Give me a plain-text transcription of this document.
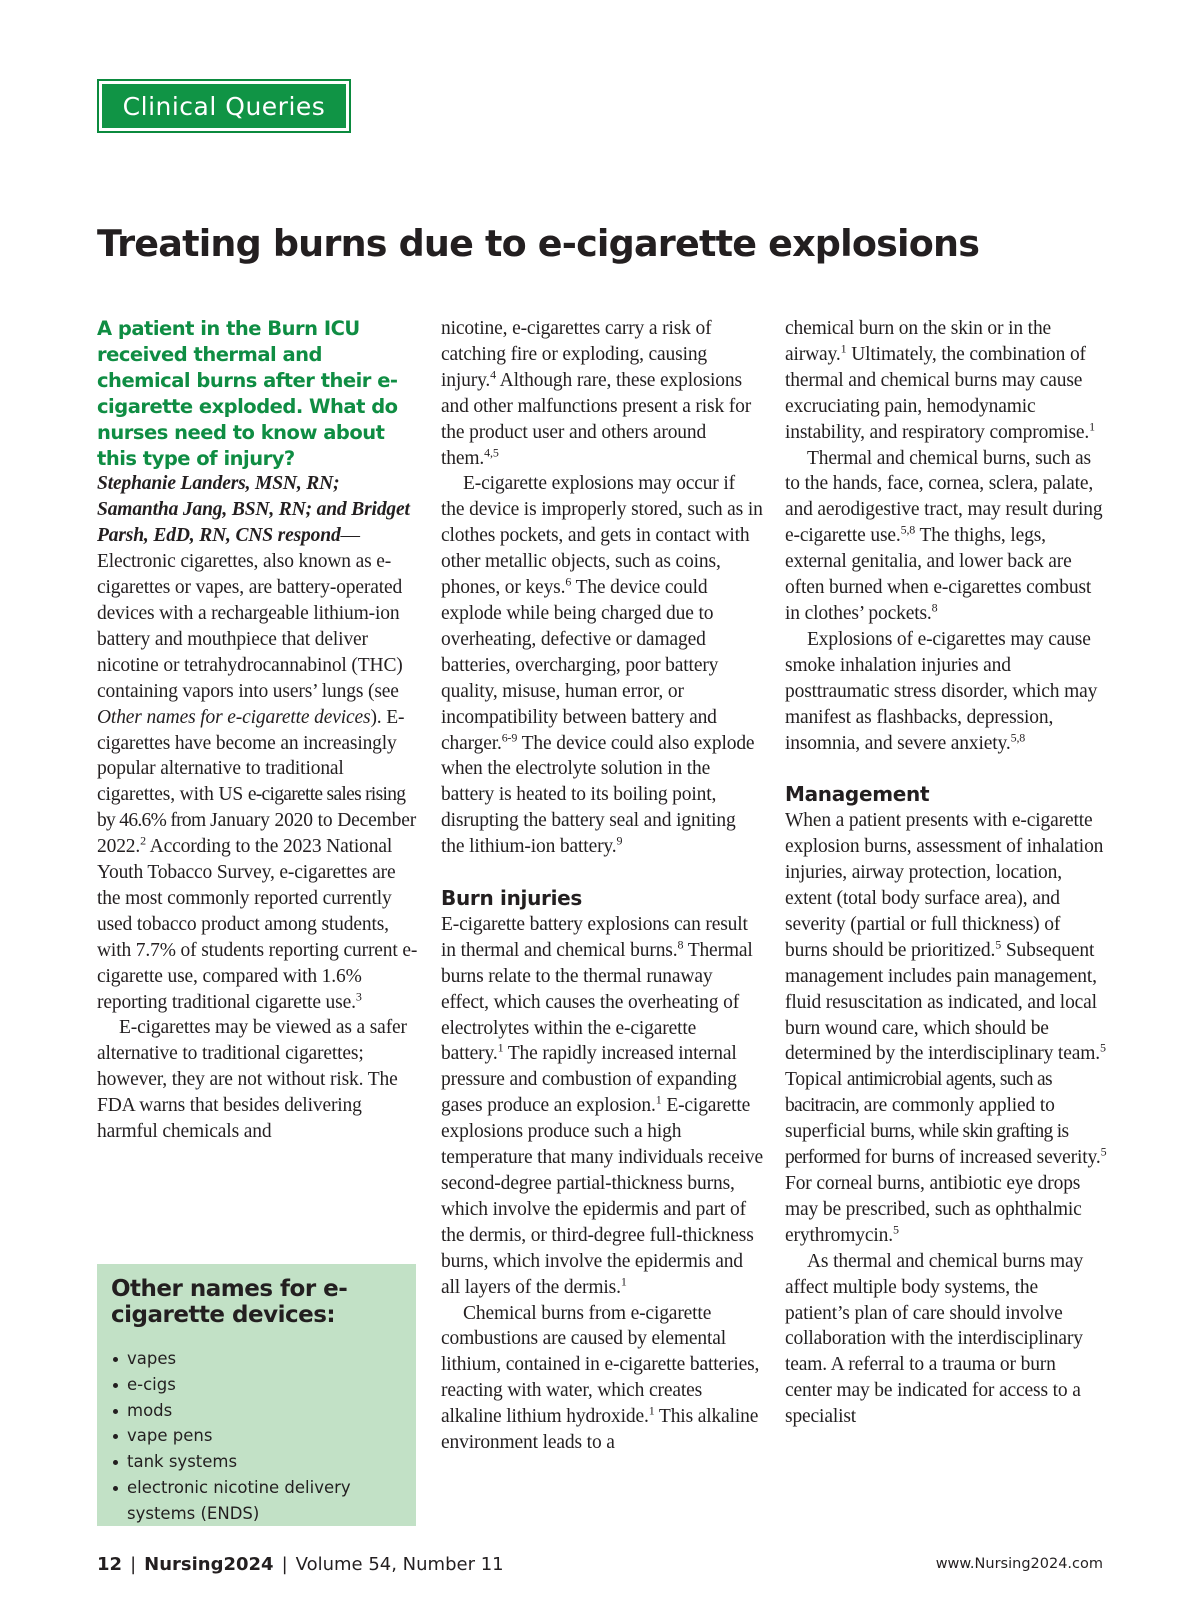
Clinical Queries
Treating burns due to e-cigarette explosions

A patient in the Burn ICU received thermal and chemical burns after their e-cigarette exploded. What do nurses need to know about this type of injury?

Stephanie Landers, MSN, RN; Samantha Jang, BSN, RN; and Bridget Parsh, EdD, RN, CNS respond—Electronic cigarettes, also known as e-cigarettes or vapes, are battery-operated devices with a rechargeable lithium-ion battery and mouthpiece that deliver nicotine or tetrahydrocannabinol (THC) containing vapors into users’ lungs (see Other names for e-cigarette devices). E-cigarettes have become an increasingly popular alternative to traditional cigarettes, with US e-cigarette sales rising by 46.6% from January 2020 to December 2022.$^2$ According to the 2023 National Youth Tobacco Survey, e-cigarettes are the most commonly reported currently used tobacco product among students, with 7.7% of students reporting current e-cigarette use, compared with 1.6% reporting traditional cigarette use.$^3$

E-cigarettes may be viewed as a safer alternative to traditional cigarettes; however, they are not without risk. The FDA warns that besides delivering harmful chemicals and

Other names for e-cigarette devices:
vapes
e-cigs
mods
vape pens
tank systems
electronic nicotine delivery systems (ENDS)

nicotine, e-cigarettes carry a risk of catching fire or exploding, causing injury.$^4$ Although rare, these explosions and other malfunctions present a risk for the product user and others around them.$^{4,5}$

E-cigarette explosions may occur if the device is improperly stored, such as in clothes pockets, and gets in contact with other metallic objects, such as coins, phones, or keys.$^6$ The device could explode while being charged due to overheating, defective or damaged batteries, overcharging, poor battery quality, misuse, human error, or incompatibility between battery and charger.$^{6-9}$ The device could also explode when the electrolyte solution in the battery is heated to its boiling point, disrupting the battery seal and igniting the lithium-ion battery.$^9$

Burn injuries

E-cigarette battery explosions can result in thermal and chemical burns.$^8$ Thermal burns relate to the thermal runaway effect, which causes the overheating of electrolytes within the e-cigarette battery.$^1$ The rapidly increased internal pressure and combustion of expanding gases produce an explosion.$^1$ E-cigarette explosions produce such a high temperature that many individuals receive second-degree partial-thickness burns, which involve the epidermis and part of the dermis, or third-degree full-thickness burns, which involve the epidermis and all layers of the dermis.$^1$

Chemical burns from e-cigarette combustions are caused by elemental lithium, contained in e-cigarette batteries, reacting with water, which creates alkaline lithium hydroxide.$^1$ This alkaline environment leads to a

chemical burn on the skin or in the airway.$^1$ Ultimately, the combination of thermal and chemical burns may cause excruciating pain, hemodynamic instability, and respiratory compromise.$^1$

Thermal and chemical burns, such as to the hands, face, cornea, sclera, palate, and aerodigestive tract, may result during e-cigarette use.$^{5,8}$ The thighs, legs, external genitalia, and lower back are often burned when e-cigarettes combust in clothes’ pockets.$^8$

Explosions of e-cigarettes may cause smoke inhalation injuries and posttraumatic stress disorder, which may manifest as flashbacks, depression, insomnia, and severe anxiety.$^{5,8}$

Management

When a patient presents with e-cigarette explosion burns, assessment of inhalation injuries, airway protection, location, extent (total body surface area), and severity (partial or full thickness) of burns should be prioritized.$^5$ Subsequent management includes pain management, fluid resuscitation as indicated, and local burn wound care, which should be determined by the interdisciplinary team.$^5$ Topical antimicrobial agents, such as bacitracin, are commonly applied to superficial burns, while skin grafting is performed for burns of increased severity.$^5$ For corneal burns, antibiotic eye drops may be prescribed, such as ophthalmic erythromycin.$^5$

As thermal and chemical burns may affect multiple body systems, the patient’s plan of care should involve collaboration with the interdisciplinary team. A referral to a trauma or burn center may be indicated for access to a specialist

12 | Nursing2024 | Volume 54, Number 11	www.Nursing2024.com
